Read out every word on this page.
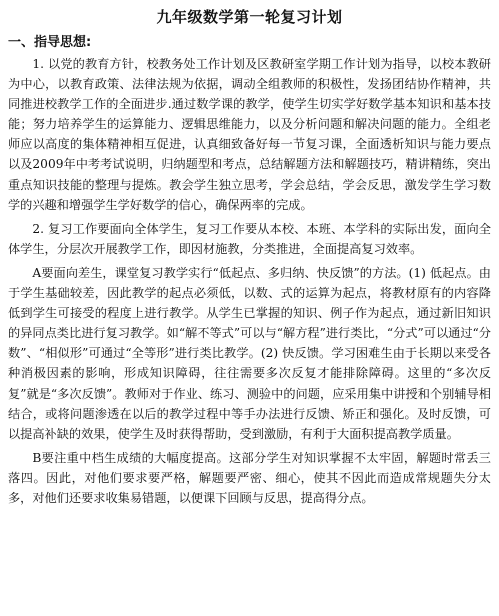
九年级数学第一轮复习计划
一、指导思想:

1. 以党的教育方针，校教务处工作计划及区教研室学期工作计划为指导，以校本教研为中心，以教育政策、法律法规为依据，调动全组教师的积极性，发扬团结协作精神，共同推进校教学工作的全面进步.通过数学课的教学，使学生切实学好数学基本知识和基本技能；努力培养学生的运算能力、逻辑思维能力，以及分析问题和解决问题的能力。全组老师应以高度的集体精神相互促进，认真细致备好每一节复习课，全面透析知识与能力要点以及2009年中考考试说明，归纳题型和考点，总结解题方法和解题技巧，精讲精练，突出重点知识技能的整理与提炼。教会学生独立思考，学会总结，学会反思，激发学生学习数学的兴趣和增强学生学好数学的信心，确保两率的完成。

2. 复习工作要面向全体学生，复习工作要从本校、本班、本学科的实际出发，面向全体学生，分层次开展教学工作，即因材施教，分类推进，全面提高复习效率。

A要面向差生，课堂复习教学实行“低起点、多归纳、快反馈”的方法。(1) 低起点。由于学生基础较差，因此教学的起点必须低，以数、式的运算为起点，将教材原有的内容降低到学生可接受的程度上进行教学。从学生已掌握的知识、例子作为起点，通过新旧知识的异同点类比进行复习教学。如“解不等式”可以与“解方程”进行类比，“分式”可以通过“分数”、“相似形”可通过“全等形”进行类比教学。(2) 快反馈。学习困难生由于长期以来受各种消极因素的影响，形成知识障碍，往往需要多次反复才能排除障碍。这里的“多次反复”就是“多次反馈”。教师对于作业、练习、测验中的问题，应采用集中讲授和个别辅导相结合，或将问题渗透在以后的教学过程中等手办法进行反馈、矫正和强化。及时反馈，可以提高补缺的效果，使学生及时获得帮助，受到激励，有利于大面积提高教学质量。

B要注重中档生成绩的大幅度提高。这部分学生对知识掌握不太牢固，解题时常丢三落四。因此，对他们要求要严格，解题要严密、细心，使其不因此而造成常规题失分太多，对他们还要求收集易错题，以便课下回顾与反思，提高得分点。
